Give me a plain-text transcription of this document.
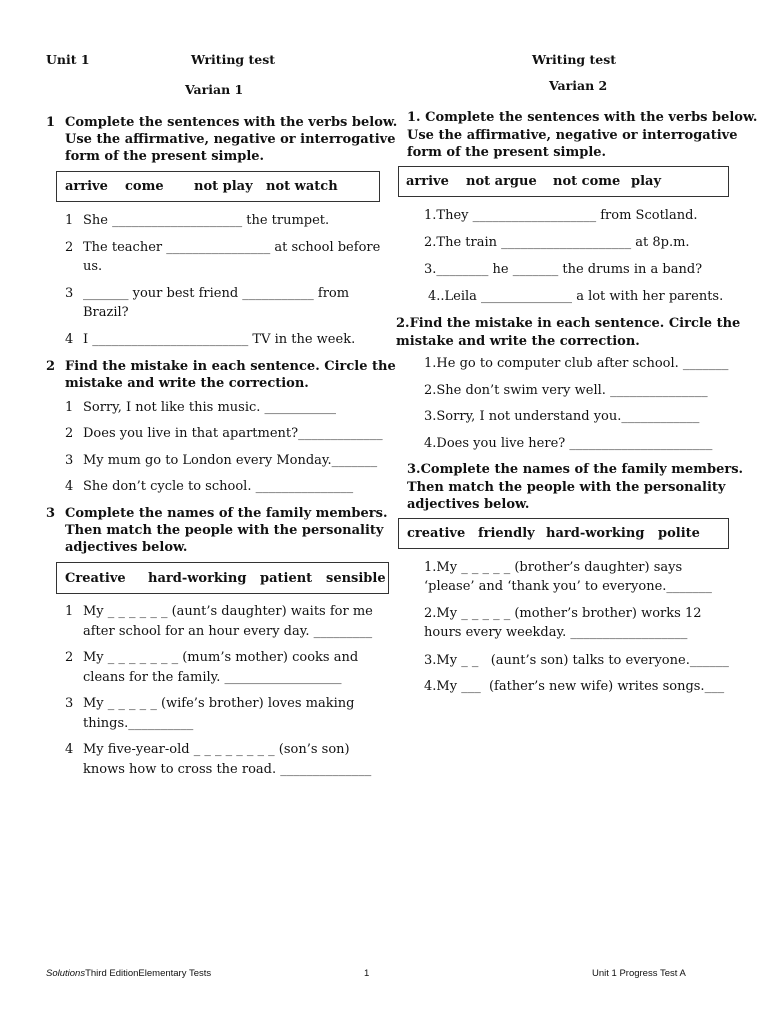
Unit 1	Writing test
Varian 1
Writing test
Varian 2
1 Complete the sentences with the verbs below.
Use the affirmative, negative or interrogative
form of the present simple.
arrive come not play not watch
1 She ____________________ the trumpet.
2 The teacher ________________ at school before
us.
3 _______ your best friend ___________ from
Brazil?
4 I ________________________ TV in the week.
2 Find the mistake in each sentence. Circle the
mistake and write the correction.
1 Sorry, I not like this music. ___________
2 Does you live in that apartment?_____________
3 My mum go to London every Monday._______
4 She don’t cycle to school. _______________
3 Complete the names of the family members.
Then match the people with the personality
adjectives below.
Creative hard-working patient sensible
1 My _ _ _ _ _ _ (aunt’s daughter) waits for me
after school for an hour every day. _________
2 My _ _ _ _ _ _ _ (mum’s mother) cooks and
cleans for the family. __________________
3 My _ _ _ _ _ (wife’s brother) loves making
things.__________
4 My five-year-old _ _ _ _ _ _ _ _ (son’s son)
knows how to cross the road. ______________
1. Complete the sentences with the verbs below.
Use the affirmative, negative or interrogative
form of the present simple.
arrive not argue not come play
1.They ___________________ from Scotland.
2.The train ____________________ at 8p.m.
3.________ he _______ the drums in a band?
4..Leila ______________ a lot with her parents.
2.Find the mistake in each sentence. Circle the
mistake and write the correction.
1.He go to computer club after school. _______
2.She don’t swim very well. _______________
3.Sorry, I not understand you.____________
4.Does you live here? ______________________
3.Complete the names of the family members.
Then match the people with the personality
adjectives below.
creative friendly hard-working polite
1.My _ _ _ _ _ (brother’s daughter) says
‘please’ and ‘thank you’ to everyone._______
2.My _ _ _ _ _ (mother’s brother) works 12
hours every weekday. __________________
3.My _ _   (aunt’s son) talks to everyone.______
4.My ___  (father’s new wife) writes songs.___
SolutionsThird EditionElementary Tests	1	Unit 1 Progress Test A
